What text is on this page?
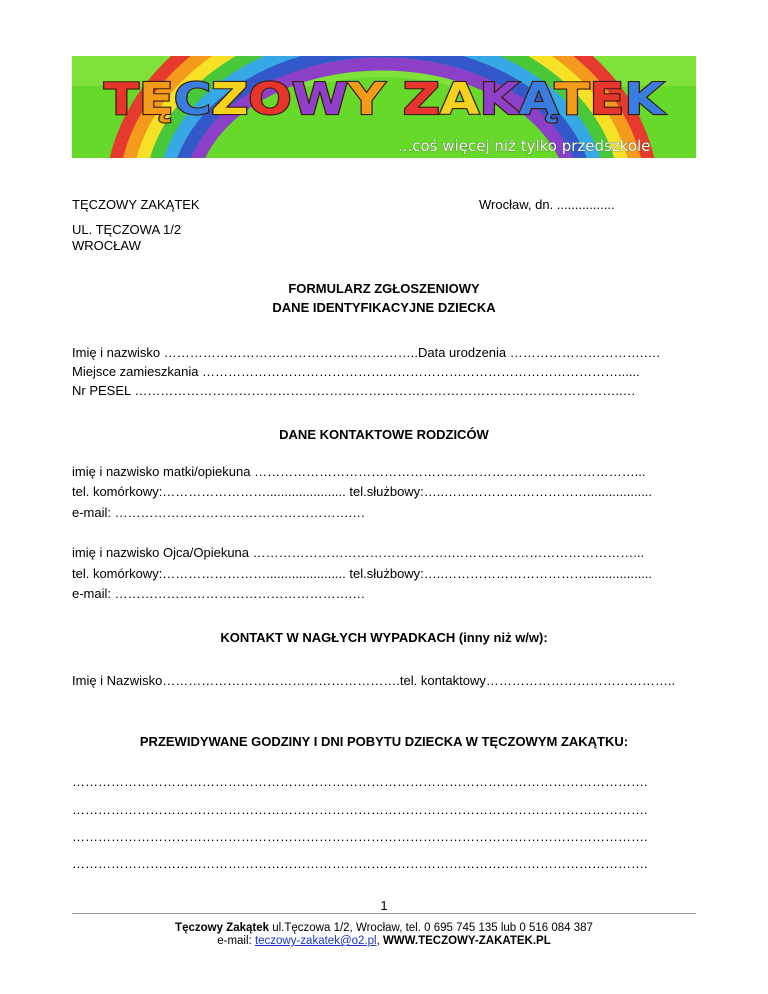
T Ę C Z O W Y Z A K Ą T E K
...coś więcej niż tylko przedszkole
TĘCZOWY ZAKĄTEK
UL. TĘCZOWA 1/2
WROCŁAW
Wrocław, dn. ................
FORMULARZ ZGŁOSZENIOWY
DANE IDENTYFIKACYJNE DZIECKA
Imię i nazwisko …………………………………………………..Data urodzenia ………………………….….
Miejsce zamieszkania ……………………………………………………………………………………......
Nr PESEL …………………………………………………………………………………………………..…
DANE KONTAKTOWE RODZICÓW
imię i nazwisko matki/opiekuna ……………………………………….……………………………………...
tel. komórkowy:……………………...................... tel.służbowy:…..……………………………..................
e-mail: ……………………………………………….…
imię i nazwisko Ojca/Opiekuna ……………………………………….……………………………………...
tel. komórkowy:……………………...................... tel.służbowy:…..……………………………..................
e-mail: ……………………………………………….…
KONTAKT W NAGŁYCH WYPADKACH (inny niż w/w):
Imię i Nazwisko……………………………………………….tel. kontaktowy……………………………………..
PRZEWIDYWANE GODZINY I DNI POBYTU DZIECKA W TĘCZOWYM ZAKĄTKU:
…………………………………………………………………………………………………………………….
…………………………………………………………………………………………………………………….
…………………………………………………………………………………………………………………….
…………………………………………………………………………………………………………………….
1
Tęczowy Zakątek ul.Tęczowa 1/2, Wrocław, tel. 0 695 745 135 lub 0 516 084 387
e-mail: teczowy-zakatek@o2.pl, WWW.TECZOWY-ZAKATEK.PL
